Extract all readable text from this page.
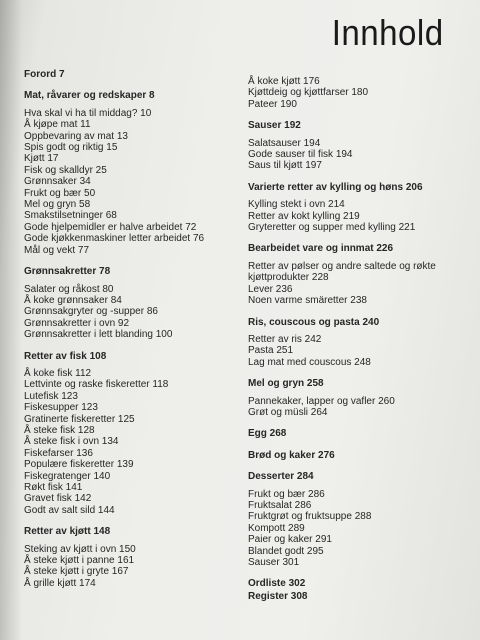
Innhold
Forord 7
Mat, råvarer og redskaper 8
Hva skal vi ha til middag? 10
Å kjøpe mat 11
Oppbevaring av mat 13
Spis godt og riktig 15
Kjøtt 17
Fisk og skalldyr 25
Grønnsaker 34
Frukt og bær 50
Mel og gryn 58
Smakstilsetninger 68
Gode hjelpemidler er halve arbeidet 72
Gode kjøkkenmaskiner letter arbeidet 76
Mål og vekt 77
Grønnsakretter 78
Salater og råkost 80
Å koke grønnsaker 84
Grønnsakgryter og -supper 86
Grønnsakretter i ovn 92
Grønnsakretter i lett blanding 100
Retter av fisk 108
Å koke fisk 112
Lettvinte og raske fiskeretter 118
Lutefisk 123
Fiskesupper 123
Gratinerte fiskeretter 125
Å steke fisk 128
Å steke fisk i ovn 134
Fiskefarser 136
Populære fiskeretter 139
Fiskegratenger 140
Røkt fisk 141
Gravet fisk 142
Godt av salt sild 144
Retter av kjøtt 148
Steking av kjøtt i ovn 150
Å steke kjøtt i panne 161
Å steke kjøtt i gryte 167
Å grille kjøtt 174
Å koke kjøtt 176
Kjøttdeig og kjøttfarser 180
Pateer 190
Sauser 192
Salatsauser 194
Gode sauser til fisk 194
Saus til kjøtt 197
Varierte retter av kylling og høns 206
Kylling stekt i ovn 214
Retter av kokt kylling 219
Gryteretter og supper med kylling 221
Bearbeidet vare og innmat 226
Retter av pølser og andre saltede og røkte
kjøttprodukter 228
Lever 236
Noen varme smäretter 238
Ris, couscous og pasta 240
Retter av ris 242
Pasta 251
Lag mat med couscous 248
Mel og gryn 258
Pannekaker, lapper og vafler 260
Grøt og müsli 264
Egg 268
Brød og kaker 276
Desserter 284
Frukt og bær 286
Fruktsalat 286
Fruktgrøt og fruktsuppe 288
Kompott 289
Paier og kaker 291
Blandet godt 295
Sauser 301
Ordliste 302
Register 308
